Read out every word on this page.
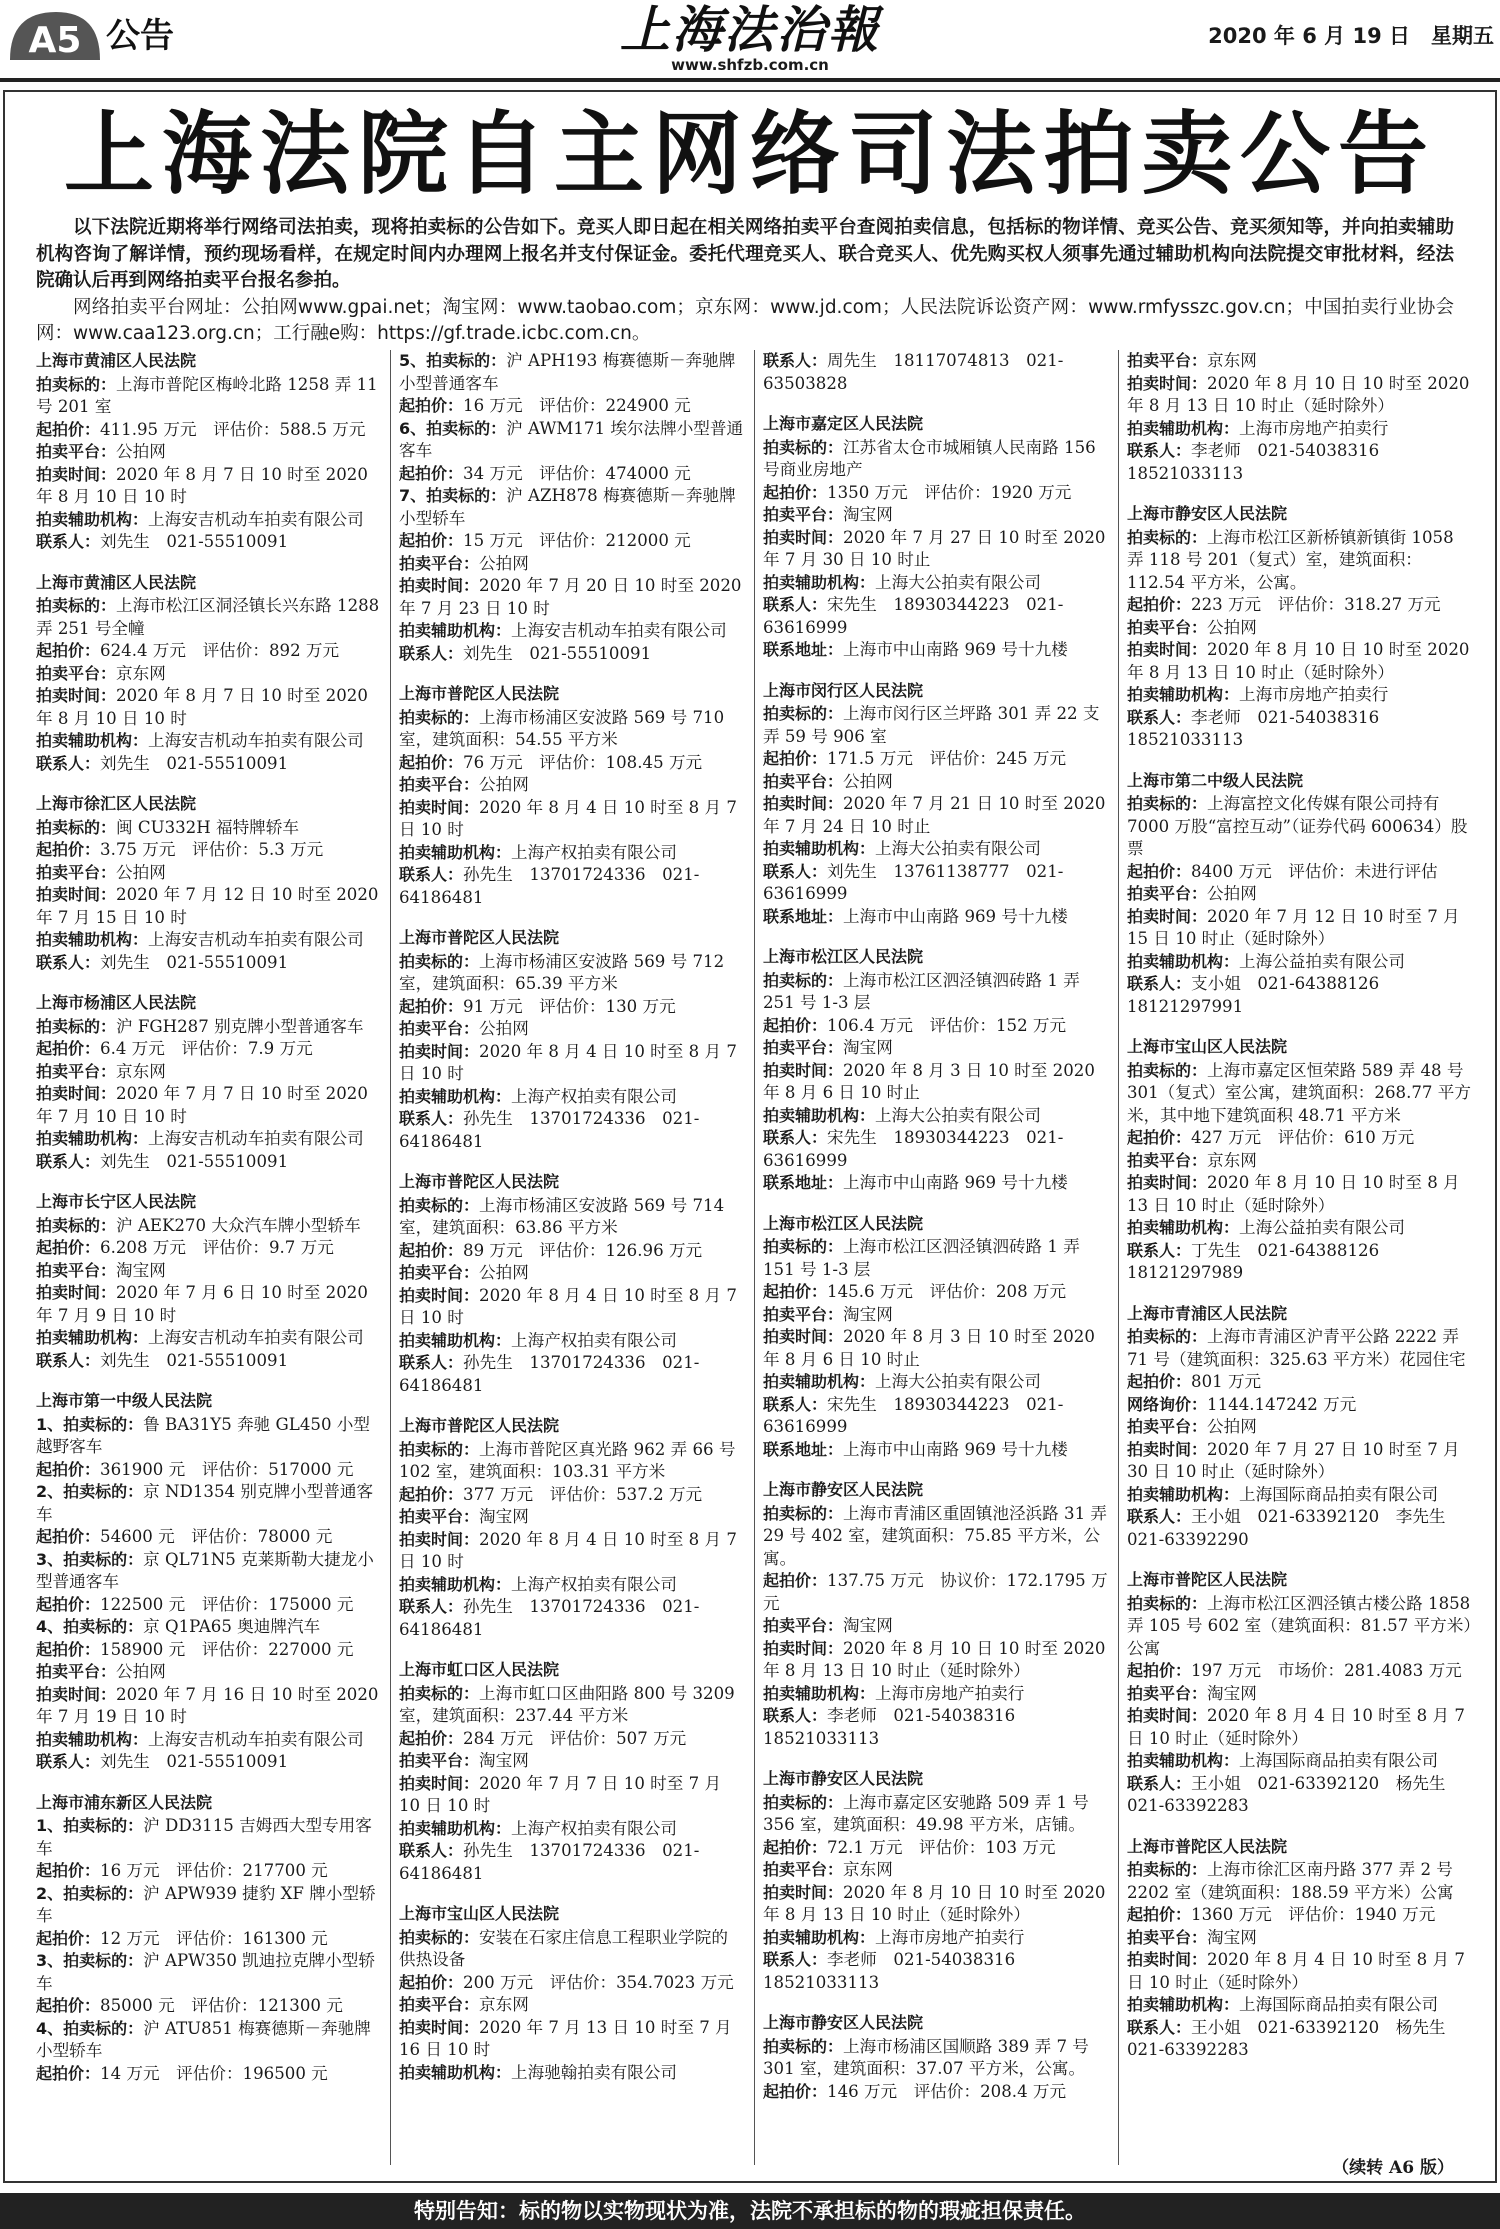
A5 公告	上海法治報
www.shfzb.com.cn
2020 年 6 月 19 日　星期五
上海法院自主网络司法拍卖公告

以下法院近期将举行网络司法拍卖，现将拍卖标的公告如下。竞买人即日起在相关网络拍卖平台查阅拍卖信息，包括标的物详情、竞买公告、竞买须知等，并向拍卖辅助机构咨询了解详情，预约现场看样，在规定时间内办理网上报名并支付保证金。委托代理竞买人、联合竞买人、优先购买权人须事先通过辅助机构向法院提交审批材料，经法院确认后再到网络拍卖平台报名参拍。

网络拍卖平台网址：公拍网www.gpai.net；淘宝网：www.taobao.com；京东网：www.jd.com；人民法院诉讼资产网：www.rmfysszc.gov.cn；中国拍卖行业协会网：www.caa123.org.cn；工行融e购：https://gf.trade.icbc.com.cn。

上海市黄浦区人民法院
拍卖标的：上海市普陀区梅岭北路 1258 弄 11 号 201 室
起拍价：411.95 万元　评估价：588.5 万元
拍卖平台：公拍网
拍卖时间：2020 年 8 月 7 日 10 时至 2020 年 8 月 10 日 10 时
拍卖辅助机构：上海安吉机动车拍卖有限公司
联系人：刘先生　021-55510091
上海市黄浦区人民法院
拍卖标的：上海市松江区洞泾镇长兴东路 1288 弄 251 号全幢
起拍价：624.4 万元　评估价：892 万元
拍卖平台：京东网
拍卖时间：2020 年 8 月 7 日 10 时至 2020 年 8 月 10 日 10 时
拍卖辅助机构：上海安吉机动车拍卖有限公司
联系人：刘先生　021-55510091
上海市徐汇区人民法院
拍卖标的：闽 CU332H 福特牌轿车
起拍价：3.75 万元　评估价：5.3 万元
拍卖平台：公拍网
拍卖时间：2020 年 7 月 12 日 10 时至 2020 年 7 月 15 日 10 时
拍卖辅助机构：上海安吉机动车拍卖有限公司
联系人：刘先生　021-55510091
上海市杨浦区人民法院
拍卖标的：沪 FGH287 别克牌小型普通客车
起拍价：6.4 万元　评估价：7.9 万元
拍卖平台：京东网
拍卖时间：2020 年 7 月 7 日 10 时至 2020 年 7 月 10 日 10 时
拍卖辅助机构：上海安吉机动车拍卖有限公司
联系人：刘先生　021-55510091
上海市长宁区人民法院
拍卖标的：沪 AEK270 大众汽车牌小型轿车
起拍价：6.208 万元　评估价：9.7 万元
拍卖平台：淘宝网
拍卖时间：2020 年 7 月 6 日 10 时至 2020 年 7 月 9 日 10 时
拍卖辅助机构：上海安吉机动车拍卖有限公司
联系人：刘先生　021-55510091
上海市第一中级人民法院
1、拍卖标的：鲁 BA31Y5 奔驰 GL450 小型越野客车
起拍价：361900 元　评估价：517000 元
2、拍卖标的：京 ND1354 别克牌小型普通客车
起拍价：54600 元　评估价：78000 元
3、拍卖标的：京 QL71N5 克莱斯勒大捷龙小型普通客车
起拍价：122500 元　评估价：175000 元
4、拍卖标的：京 Q1PA65 奥迪牌汽车
起拍价：158900 元　评估价：227000 元
拍卖平台：公拍网
拍卖时间：2020 年 7 月 16 日 10 时至 2020 年 7 月 19 日 10 时
拍卖辅助机构：上海安吉机动车拍卖有限公司
联系人：刘先生　021-55510091
上海市浦东新区人民法院
1、拍卖标的：沪 DD3115 吉姆西大型专用客车
起拍价：16 万元　评估价：217700 元
2、拍卖标的：沪 APW939 捷豹 XF 牌小型轿车
起拍价：12 万元　评估价：161300 元
3、拍卖标的：沪 APW350 凯迪拉克牌小型轿车
起拍价：85000 元　评估价：121300 元
4、拍卖标的：沪 ATU851 梅赛德斯－奔驰牌小型轿车
起拍价：14 万元　评估价：196500 元
5、拍卖标的：沪 APH193 梅赛德斯－奔驰牌小型普通客车
起拍价：16 万元　评估价：224900 元
6、拍卖标的：沪 AWM171 埃尔法牌小型普通客车
起拍价：34 万元　评估价：474000 元
7、拍卖标的：沪 AZH878 梅赛德斯－奔驰牌小型轿车
起拍价：15 万元　评估价：212000 元
拍卖平台：公拍网
拍卖时间：2020 年 7 月 20 日 10 时至 2020 年 7 月 23 日 10 时
拍卖辅助机构：上海安吉机动车拍卖有限公司
联系人：刘先生　021-55510091
上海市普陀区人民法院
拍卖标的：上海市杨浦区安波路 569 号 710 室，建筑面积：54.55 平方米
起拍价：76 万元　评估价：108.45 万元
拍卖平台：公拍网
拍卖时间：2020 年 8 月 4 日 10 时至 8 月 7 日 10 时
拍卖辅助机构：上海产权拍卖有限公司
联系人：孙先生　13701724336　021-64186481
上海市普陀区人民法院
拍卖标的：上海市杨浦区安波路 569 号 712 室，建筑面积：65.39 平方米
起拍价：91 万元　评估价：130 万元
拍卖平台：公拍网
拍卖时间：2020 年 8 月 4 日 10 时至 8 月 7 日 10 时
拍卖辅助机构：上海产权拍卖有限公司
联系人：孙先生　13701724336　021-64186481
上海市普陀区人民法院
拍卖标的：上海市杨浦区安波路 569 号 714 室，建筑面积：63.86 平方米
起拍价：89 万元　评估价：126.96 万元
拍卖平台：公拍网
拍卖时间：2020 年 8 月 4 日 10 时至 8 月 7 日 10 时
拍卖辅助机构：上海产权拍卖有限公司
联系人：孙先生　13701724336　021-64186481
上海市普陀区人民法院
拍卖标的：上海市普陀区真光路 962 弄 66 号 102 室，建筑面积：103.31 平方米
起拍价：377 万元　评估价：537.2 万元
拍卖平台：淘宝网
拍卖时间：2020 年 8 月 4 日 10 时至 8 月 7 日 10 时
拍卖辅助机构：上海产权拍卖有限公司
联系人：孙先生　13701724336　021-64186481
上海市虹口区人民法院
拍卖标的：上海市虹口区曲阳路 800 号 3209 室，建筑面积：237.44 平方米
起拍价：284 万元　评估价：507 万元
拍卖平台：淘宝网
拍卖时间：2020 年 7 月 7 日 10 时至 7 月 10 日 10 时
拍卖辅助机构：上海产权拍卖有限公司
联系人：孙先生　13701724336　021-64186481
上海市宝山区人民法院
拍卖标的：安装在石家庄信息工程职业学院的供热设备
起拍价：200 万元　评估价：354.7023 万元
拍卖平台：京东网
拍卖时间：2020 年 7 月 13 日 10 时至 7 月 16 日 10 时
拍卖辅助机构：上海驰翰拍卖有限公司
联系人：周先生　18117074813　021-63503828
上海市嘉定区人民法院
拍卖标的：江苏省太仓市城厢镇人民南路 156 号商业房地产
起拍价：1350 万元　评估价：1920 万元
拍卖平台：淘宝网
拍卖时间：2020 年 7 月 27 日 10 时至 2020 年 7 月 30 日 10 时止
拍卖辅助机构：上海大公拍卖有限公司
联系人：宋先生　18930344223　021-63616999
联系地址：上海市中山南路 969 号十九楼
上海市闵行区人民法院
拍卖标的：上海市闵行区兰坪路 301 弄 22 支弄 59 号 906 室
起拍价：171.5 万元　评估价：245 万元
拍卖平台：公拍网
拍卖时间：2020 年 7 月 21 日 10 时至 2020 年 7 月 24 日 10 时止
拍卖辅助机构：上海大公拍卖有限公司
联系人：刘先生　13761138777　021-63616999
联系地址：上海市中山南路 969 号十九楼
上海市松江区人民法院
拍卖标的：上海市松江区泗泾镇泗砖路 1 弄 251 号 1-3 层
起拍价：106.4 万元　评估价：152 万元
拍卖平台：淘宝网
拍卖时间：2020 年 8 月 3 日 10 时至 2020 年 8 月 6 日 10 时止
拍卖辅助机构：上海大公拍卖有限公司
联系人：宋先生　18930344223　021-63616999
联系地址：上海市中山南路 969 号十九楼
上海市松江区人民法院
拍卖标的：上海市松江区泗泾镇泗砖路 1 弄 151 号 1-3 层
起拍价：145.6 万元　评估价：208 万元
拍卖平台：淘宝网
拍卖时间：2020 年 8 月 3 日 10 时至 2020 年 8 月 6 日 10 时止
拍卖辅助机构：上海大公拍卖有限公司
联系人：宋先生　18930344223　021-63616999
联系地址：上海市中山南路 969 号十九楼
上海市静安区人民法院
拍卖标的：上海市青浦区重固镇池泾浜路 31 弄 29 号 402 室，建筑面积：75.85 平方米，公寓。
起拍价：137.75 万元　协议价：172.1795 万元
拍卖平台：淘宝网
拍卖时间：2020 年 8 月 10 日 10 时至 2020 年 8 月 13 日 10 时止（延时除外）
拍卖辅助机构：上海市房地产拍卖行
联系人：李老师　021-54038316　18521033113
上海市静安区人民法院
拍卖标的：上海市嘉定区安驰路 509 弄 1 号 356 室，建筑面积：49.98 平方米，店铺。
起拍价：72.1 万元　评估价：103 万元
拍卖平台：京东网
拍卖时间：2020 年 8 月 10 日 10 时至 2020 年 8 月 13 日 10 时止（延时除外）
拍卖辅助机构：上海市房地产拍卖行
联系人：李老师　021-54038316　18521033113
上海市静安区人民法院
拍卖标的：上海市杨浦区国顺路 389 弄 7 号 301 室，建筑面积：37.07 平方米，公寓。
起拍价：146 万元　评估价：208.4 万元
拍卖平台：京东网
拍卖时间：2020 年 8 月 10 日 10 时至 2020 年 8 月 13 日 10 时止（延时除外）
拍卖辅助机构：上海市房地产拍卖行
联系人：李老师　021-54038316　18521033113
上海市静安区人民法院
拍卖标的：上海市松江区新桥镇新镇街 1058 弄 118 号 201（复式）室，建筑面积：112.54 平方米，公寓。
起拍价：223 万元　评估价：318.27 万元
拍卖平台：公拍网
拍卖时间：2020 年 8 月 10 日 10 时至 2020 年 8 月 13 日 10 时止（延时除外）
拍卖辅助机构：上海市房地产拍卖行
联系人：李老师　021-54038316　18521033113
上海市第二中级人民法院
拍卖标的：上海富控文化传媒有限公司持有 7000 万股“富控互动”（证券代码 600634）股票
起拍价：8400 万元　评估价：未进行评估
拍卖平台：公拍网
拍卖时间：2020 年 7 月 12 日 10 时至 7 月 15 日 10 时止（延时除外）
拍卖辅助机构：上海公益拍卖有限公司
联系人：支小姐　021-64388126　18121297991
上海市宝山区人民法院
拍卖标的：上海市嘉定区恒荣路 589 弄 48 号 301（复式）室公寓，建筑面积：268.77 平方米，其中地下建筑面积 48.71 平方米
起拍价：427 万元　评估价：610 万元
拍卖平台：京东网
拍卖时间：2020 年 8 月 10 日 10 时至 8 月 13 日 10 时止（延时除外）
拍卖辅助机构：上海公益拍卖有限公司
联系人：丁先生　021-64388126　18121297989
上海市青浦区人民法院
拍卖标的：上海市青浦区沪青平公路 2222 弄 71 号（建筑面积：325.63 平方米）花园住宅
起拍价：801 万元
网络询价：1144.147242 万元
拍卖平台：公拍网
拍卖时间：2020 年 7 月 27 日 10 时至 7 月 30 日 10 时止（延时除外）
拍卖辅助机构：上海国际商品拍卖有限公司
联系人：王小姐　021-63392120　李先生　021-63392290
上海市普陀区人民法院
拍卖标的：上海市松江区泗泾镇古楼公路 1858 弄 105 号 602 室（建筑面积：81.57 平方米）公寓
起拍价：197 万元　市场价：281.4083 万元
拍卖平台：淘宝网
拍卖时间：2020 年 8 月 4 日 10 时至 8 月 7 日 10 时止（延时除外）
拍卖辅助机构：上海国际商品拍卖有限公司
联系人：王小姐　021-63392120　杨先生　021-63392283
上海市普陀区人民法院
拍卖标的：上海市徐汇区南丹路 377 弄 2 号 2202 室（建筑面积：188.59 平方米）公寓
起拍价：1360 万元　评估价：1940 万元
拍卖平台：淘宝网
拍卖时间：2020 年 8 月 4 日 10 时至 8 月 7 日 10 时止（延时除外）
拍卖辅助机构：上海国际商品拍卖有限公司
联系人：王小姐　021-63392120　杨先生　021-63392283
（续转 A6 版）
特别告知：标的物以实物现状为准，法院不承担标的物的瑕疵担保责任。
